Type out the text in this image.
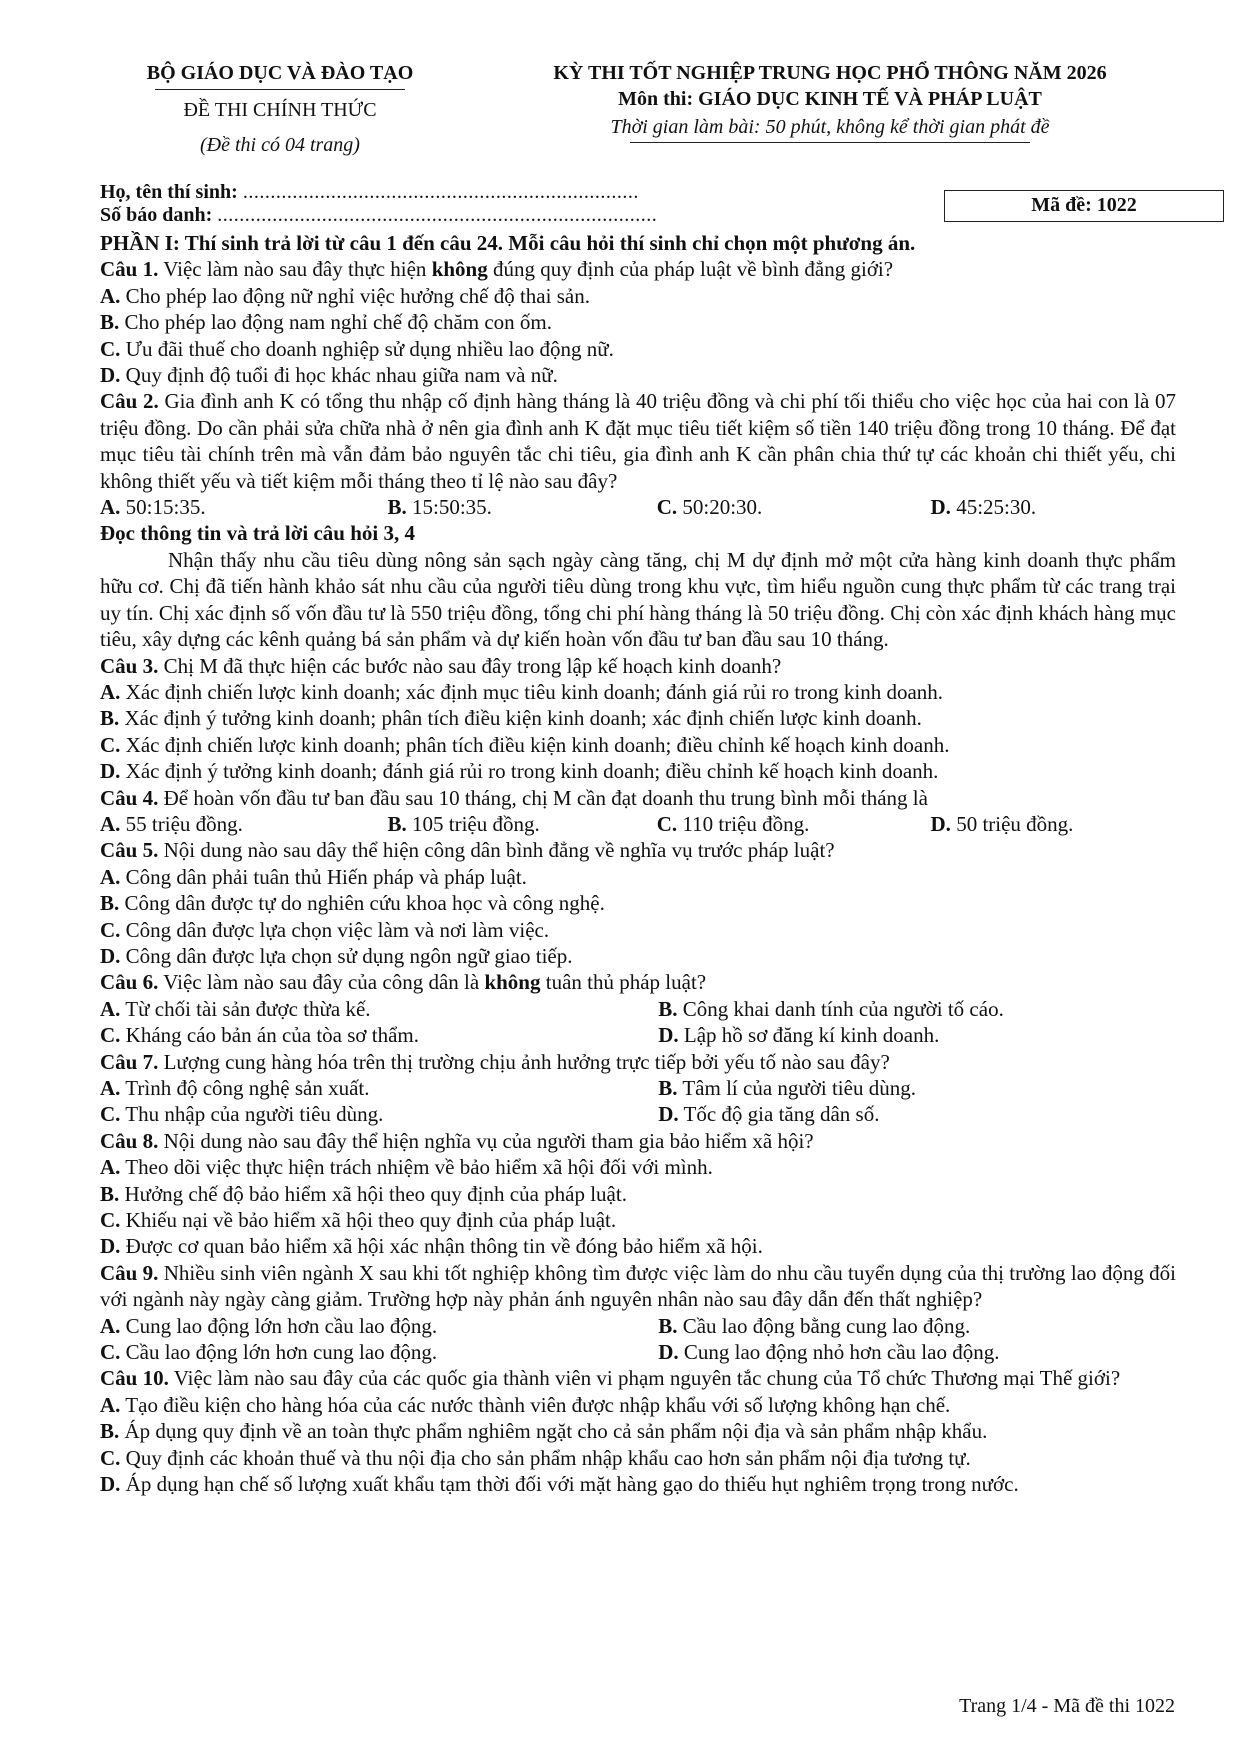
BỘ GIÁO DỤC VÀ ĐÀO TẠO
ĐỀ THI CHÍNH THỨC
(Đề thi có 04 trang)
KỲ THI TỐT NGHIỆP TRUNG HỌC PHỔ THÔNG NĂM 2026
Môn thi: GIÁO DỤC KINH TẾ VÀ PHÁP LUẬT
Thời gian làm bài: 50 phút, không kể thời gian phát đề
Họ, tên thí sinh: ........................................................................
Số báo danh: ................................................................................	Mã đề: 1022
PHẦN I: Thí sinh trả lời từ câu 1 đến câu 24. Mỗi câu hỏi thí sinh chỉ chọn một phương án.

Câu 1. Việc làm nào sau đây thực hiện không đúng quy định của pháp luật về bình đẳng giới?

A. Cho phép lao động nữ nghỉ việc hưởng chế độ thai sản.
B. Cho phép lao động nam nghỉ chế độ chăm con ốm.
C. Ưu đãi thuế cho doanh nghiệp sử dụng nhiều lao động nữ.
D. Quy định độ tuổi đi học khác nhau giữa nam và nữ.

Câu 2. Gia đình anh K có tổng thu nhập cố định hàng tháng là 40 triệu đồng và chi phí tối thiểu cho việc học của hai con là 07 triệu đồng. Do cần phải sửa chữa nhà ở nên gia đình anh K đặt mục tiêu tiết kiệm số tiền 140 triệu đồng trong 10 tháng. Để đạt mục tiêu tài chính trên mà vẫn đảm bảo nguyên tắc chi tiêu, gia đình anh K cần phân chia thứ tự các khoản chi thiết yếu, chi không thiết yếu và tiết kiệm mỗi tháng theo tỉ lệ nào sau đây?

A. 50:15:35.	B. 15:50:35.	C. 50:20:30.	D. 45:25:30.
Đọc thông tin và trả lời câu hỏi 3, 4

Nhận thấy nhu cầu tiêu dùng nông sản sạch ngày càng tăng, chị M dự định mở một cửa hàng kinh doanh thực phẩm hữu cơ. Chị đã tiến hành khảo sát nhu cầu của người tiêu dùng trong khu vực, tìm hiểu nguồn cung thực phẩm từ các trang trại uy tín. Chị xác định số vốn đầu tư là 550 triệu đồng, tổng chi phí hàng tháng là 50 triệu đồng. Chị còn xác định khách hàng mục tiêu, xây dựng các kênh quảng bá sản phẩm và dự kiến hoàn vốn đầu tư ban đầu sau 10 tháng.

Câu 3. Chị M đã thực hiện các bước nào sau đây trong lập kế hoạch kinh doanh?

A. Xác định chiến lược kinh doanh; xác định mục tiêu kinh doanh; đánh giá rủi ro trong kinh doanh.
B. Xác định ý tưởng kinh doanh; phân tích điều kiện kinh doanh; xác định chiến lược kinh doanh.
C. Xác định chiến lược kinh doanh; phân tích điều kiện kinh doanh; điều chỉnh kế hoạch kinh doanh.
D. Xác định ý tưởng kinh doanh; đánh giá rủi ro trong kinh doanh; điều chỉnh kế hoạch kinh doanh.

Câu 4. Để hoàn vốn đầu tư ban đầu sau 10 tháng, chị M cần đạt doanh thu trung bình mỗi tháng là

A. 55 triệu đồng.	B. 105 triệu đồng.	C. 110 triệu đồng.	D. 50 triệu đồng.

Câu 5. Nội dung nào sau dây thể hiện công dân bình đẳng về nghĩa vụ trước pháp luật?

A. Công dân phải tuân thủ Hiến pháp và pháp luật.
B. Công dân được tự do nghiên cứu khoa học và công nghệ.
C. Công dân được lựa chọn việc làm và nơi làm việc.
D. Công dân được lựa chọn sử dụng ngôn ngữ giao tiếp.

Câu 6. Việc làm nào sau đây của công dân là không tuân thủ pháp luật?

A. Từ chối tài sản được thừa kế.	B. Công khai danh tính của người tố cáo.
C. Kháng cáo bản án của tòa sơ thẩm.	D. Lập hồ sơ đăng kí kinh doanh.

Câu 7. Lượng cung hàng hóa trên thị trường chịu ảnh hưởng trực tiếp bởi yếu tố nào sau đây?

A. Trình độ công nghệ sản xuất.	B. Tâm lí của người tiêu dùng.
C. Thu nhập của người tiêu dùng.	D. Tốc độ gia tăng dân số.

Câu 8. Nội dung nào sau đây thể hiện nghĩa vụ của người tham gia bảo hiểm xã hội?

A. Theo dõi việc thực hiện trách nhiệm về bảo hiểm xã hội đối với mình.
B. Hưởng chế độ bảo hiểm xã hội theo quy định của pháp luật.
C. Khiếu nại về bảo hiểm xã hội theo quy định của pháp luật.
D. Được cơ quan bảo hiểm xã hội xác nhận thông tin về đóng bảo hiểm xã hội.

Câu 9. Nhiều sinh viên ngành X sau khi tốt nghiệp không tìm được việc làm do nhu cầu tuyển dụng của thị trường lao động đối với ngành này ngày càng giảm. Trường hợp này phản ánh nguyên nhân nào sau đây dẫn đến thất nghiệp?

A. Cung lao động lớn hơn cầu lao động.	B. Cầu lao động bằng cung lao động.
C. Cầu lao động lớn hơn cung lao động.	D. Cung lao động nhỏ hơn cầu lao động.

Câu 10. Việc làm nào sau đây của các quốc gia thành viên vi phạm nguyên tắc chung của Tổ chức Thương mại Thế giới?

A. Tạo điều kiện cho hàng hóa của các nước thành viên được nhập khẩu với số lượng không hạn chế.
B. Áp dụng quy định về an toàn thực phẩm nghiêm ngặt cho cả sản phẩm nội địa và sản phẩm nhập khẩu.
C. Quy định các khoản thuế và thu nội địa cho sản phẩm nhập khẩu cao hơn sản phẩm nội địa tương tự.
D. Áp dụng hạn chế số lượng xuất khẩu tạm thời đối với mặt hàng gạo do thiếu hụt nghiêm trọng trong nước.
Trang 1/4 - Mã đề thi 1022
